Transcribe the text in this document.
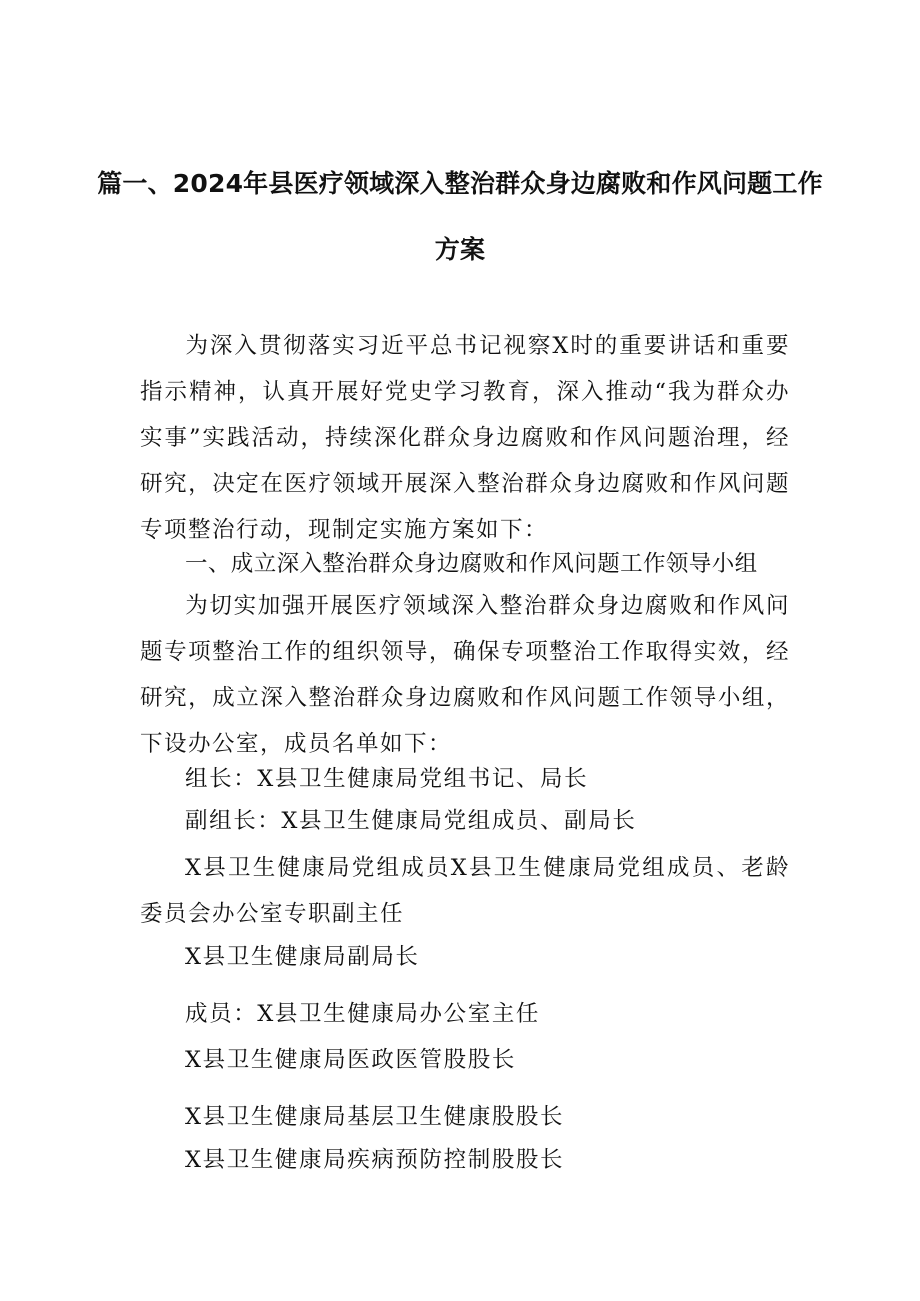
篇一、2024年县医疗领域深入整治群众身边腐败和作风问题工作
方案

为深入贯彻落实习近平总书记视察X时的重要讲话和重要指示精神，认真开展好党史学习教育，深入推动“我为群众办实事”实践活动，持续深化群众身边腐败和作风问题治理，经研究，决定在医疗领域开展深入整治群众身边腐败和作风问题专项整治行动，现制定实施方案如下：

一、成立深入整治群众身边腐败和作风问题工作领导小组

为切实加强开展医疗领域深入整治群众身边腐败和作风问题专项整治工作的组织领导，确保专项整治工作取得实效，经研究，成立深入整治群众身边腐败和作风问题工作领导小组，下设办公室，成员名单如下：

组长：X县卫生健康局党组书记、局长
副组长：X县卫生健康局党组成员、副局长

X县卫生健康局党组成员X县卫生健康局党组成员、老龄委员会办公室专职副主任

X县卫生健康局副局长
成员：X县卫生健康局办公室主任
X县卫生健康局医政医管股股长
X县卫生健康局基层卫生健康股股长
X县卫生健康局疾病预防控制股股长
